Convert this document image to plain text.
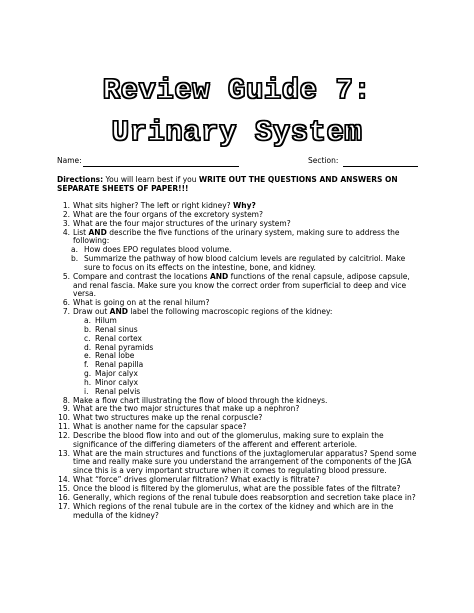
Review Guide 7:
Urinary System
Name:	Section:
Directions: You will learn best if you WRITE OUT THE QUESTIONS AND ANSWERS ON SEPARATE SHEETS OF PAPER!!!
1. What sits higher? The left or right kidney? Why?
2. What are the four organs of the excretory system?
3. What are the four major structures of the urinary system?
4. List AND describe the five functions of the urinary system, making sure to address the following:
a. How does EPO regulates blood volume.
b. Summarize the pathway of how blood calcium levels are regulated by calcitriol. Make sure to focus on its effects on the intestine, bone, and kidney.
5. Compare and contrast the locations AND functions of the renal capsule, adipose capsule, and renal fascia. Make sure you know the correct order from superficial to deep and vice versa.
6. What is going on at the renal hilum?
7. Draw out AND label the following macroscopic regions of the kidney:
a. Hilum
b. Renal sinus
c. Renal cortex
d. Renal pyramids
e. Renal lobe
f. Renal papilla
g. Major calyx
h. Minor calyx
i. Renal pelvis
8. Make a flow chart illustrating the flow of blood through the kidneys.
9. What are the two major structures that make up a nephron?
10. What two structures make up the renal corpuscle?
11. What is another name for the capsular space?
12. Describe the blood flow into and out of the glomerulus, making sure to explain the significance of the differing diameters of the afferent and efferent arteriole.
13. What are the main structures and functions of the juxtaglomerular apparatus? Spend some time and really make sure you understand the arrangement of the components of the JGA since this is a very important structure when it comes to regulating blood pressure.
14. What “force” drives glomerular filtration? What exactly is filtrate?
15. Once the blood is filtered by the glomerulus, what are the possible fates of the filtrate?
16. Generally, which regions of the renal tubule does reabsorption and secretion take place in?
17. Which regions of the renal tubule are in the cortex of the kidney and which are in the medulla of the kidney?
